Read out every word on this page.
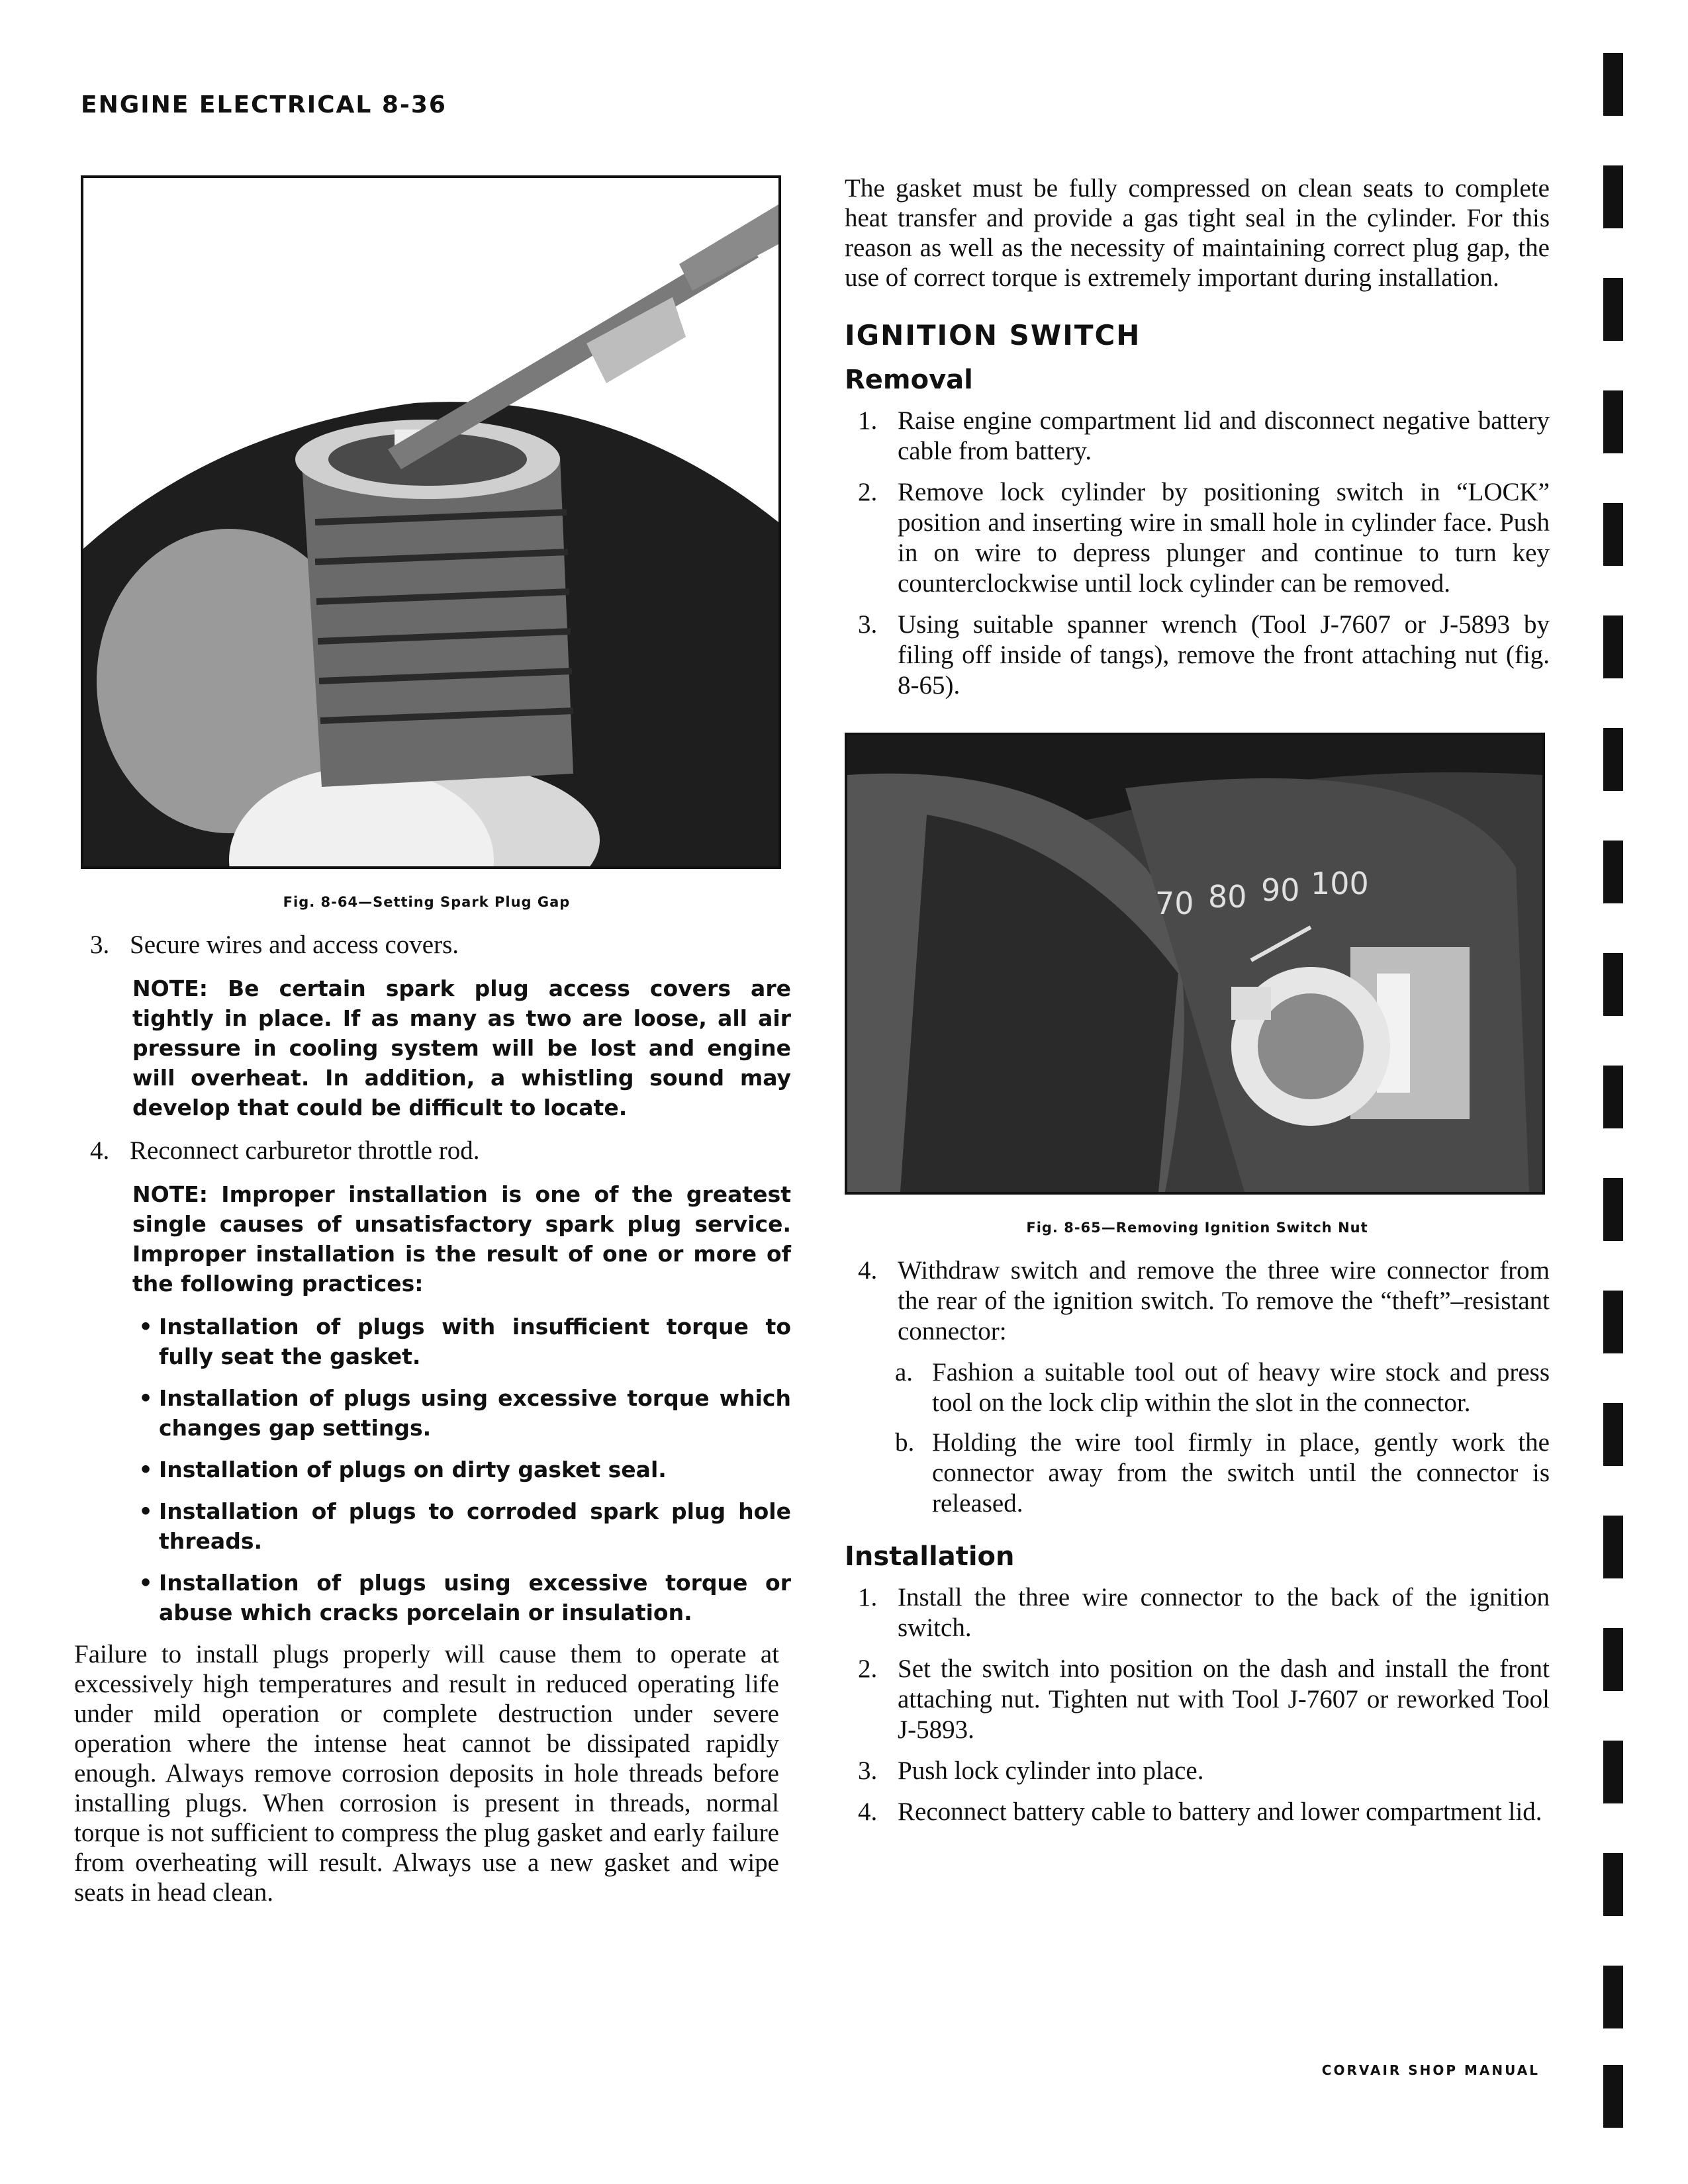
ENGINE ELECTRICAL 8-36
Fig. 8-64—Setting Spark Plug Gap
3. Secure wires and access covers.
NOTE: Be certain spark plug access covers are tightly in place. If as many as two are loose, all air pressure in cooling system will be lost and engine will overheat. In addition, a whistling sound may develop that could be difficult to locate.
4. Reconnect carburetor throttle rod.
NOTE: Improper installation is one of the greatest single causes of unsatisfactory spark plug service. Improper installation is the result of one or more of the following practices:
• Installation of plugs with insufficient torque to fully seat the gasket.
• Installation of plugs using excessive torque which changes gap settings.
• Installation of plugs on dirty gasket seal.
• Installation of plugs to corroded spark plug hole threads.
• Installation of plugs using excessive torque or abuse which cracks porcelain or insulation.

Failure to install plugs properly will cause them to operate at excessively high temperatures and result in reduced operating life under mild operation or complete destruction under severe operation where the intense heat cannot be dissipated rapidly enough. Always remove corrosion deposits in hole threads before installing plugs. When corrosion is present in threads, normal torque is not sufficient to compress the plug gasket and early failure from overheating will result. Always use a new gasket and wipe seats in head clean.

The gasket must be fully compressed on clean seats to complete heat transfer and provide a gas tight seal in the cylinder. For this reason as well as the necessity of maintaining correct plug gap, the use of correct torque is extremely important during installation.

IGNITION SWITCH
Removal
1. Raise engine compartment lid and disconnect negative battery cable from battery.
2. Remove lock cylinder by positioning switch in “LOCK” position and inserting wire in small hole in cylinder face. Push in on wire to depress plunger and continue to turn key counterclockwise until lock cylinder can be removed.
3. Using suitable spanner wrench (Tool J-7607 or J-5893 by filing off inside of tangs), remove the front attaching nut (fig. 8-65).
70 80 90 100
Fig. 8-65—Removing Ignition Switch Nut
4. Withdraw switch and remove the three wire connector from the rear of the ignition switch. To remove the “theft”–resistant connector:
a. Fashion a suitable tool out of heavy wire stock and press tool on the lock clip within the slot in the connector.
b. Holding the wire tool firmly in place, gently work the connector away from the switch until the connector is released.
Installation
1. Install the three wire connector to the back of the ignition switch.
2. Set the switch into position on the dash and install the front attaching nut. Tighten nut with Tool J-7607 or reworked Tool J-5893.
3. Push lock cylinder into place.
4. Reconnect battery cable to battery and lower compartment lid.
CORVAIR SHOP MANUAL
